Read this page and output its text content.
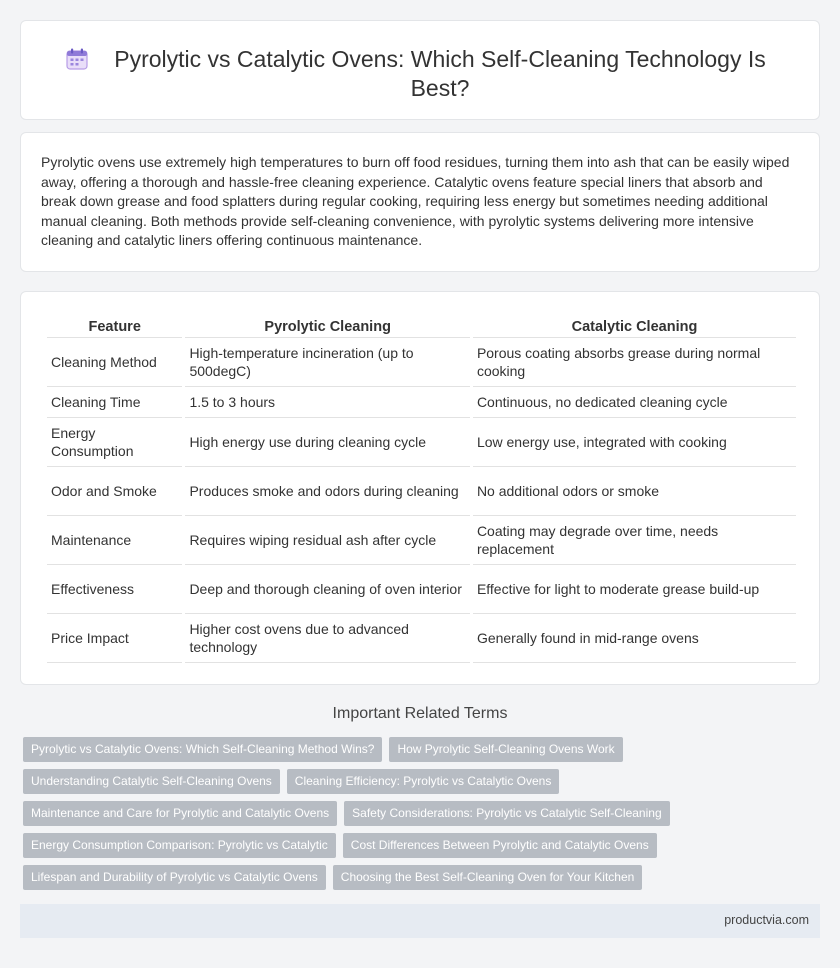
Pyrolytic vs Catalytic Ovens: Which Self-Cleaning Technology Is Best?

Pyrolytic ovens use extremely high temperatures to burn off food residues, turning them into ash that can be easily wiped away, offering a thorough and hassle-free cleaning experience. Catalytic ovens feature special liners that absorb and break down grease and food splatters during regular cooking, requiring less energy but sometimes needing additional manual cleaning. Both methods provide self-cleaning convenience, with pyrolytic systems delivering more intensive cleaning and catalytic liners offering continuous maintenance.

Feature	Pyrolytic Cleaning	Catalytic Cleaning
Cleaning Method	High-temperature incineration (up to 500degC)	Porous coating absorbs grease during normal cooking
Cleaning Time	1.5 to 3 hours	Continuous, no dedicated cleaning cycle
Energy Consumption	High energy use during cleaning cycle	Low energy use, integrated with cooking
Odor and Smoke	Produces smoke and odors during cleaning	No additional odors or smoke
Maintenance	Requires wiping residual ash after cycle	Coating may degrade over time, needs replacement
Effectiveness	Deep and thorough cleaning of oven interior	Effective for light to moderate grease build-up
Price Impact	Higher cost ovens due to advanced technology	Generally found in mid-range ovens
Important Related Terms
Pyrolytic vs Catalytic Ovens: Which Self-Cleaning Method Wins?	How Pyrolytic Self-Cleaning Ovens Work
Understanding Catalytic Self-Cleaning Ovens	Cleaning Efficiency: Pyrolytic vs Catalytic Ovens
Maintenance and Care for Pyrolytic and Catalytic Ovens	Safety Considerations: Pyrolytic vs Catalytic Self-Cleaning
Energy Consumption Comparison: Pyrolytic vs Catalytic	Cost Differences Between Pyrolytic and Catalytic Ovens
Lifespan and Durability of Pyrolytic vs Catalytic Ovens	Choosing the Best Self-Cleaning Oven for Your Kitchen
productvia.com
